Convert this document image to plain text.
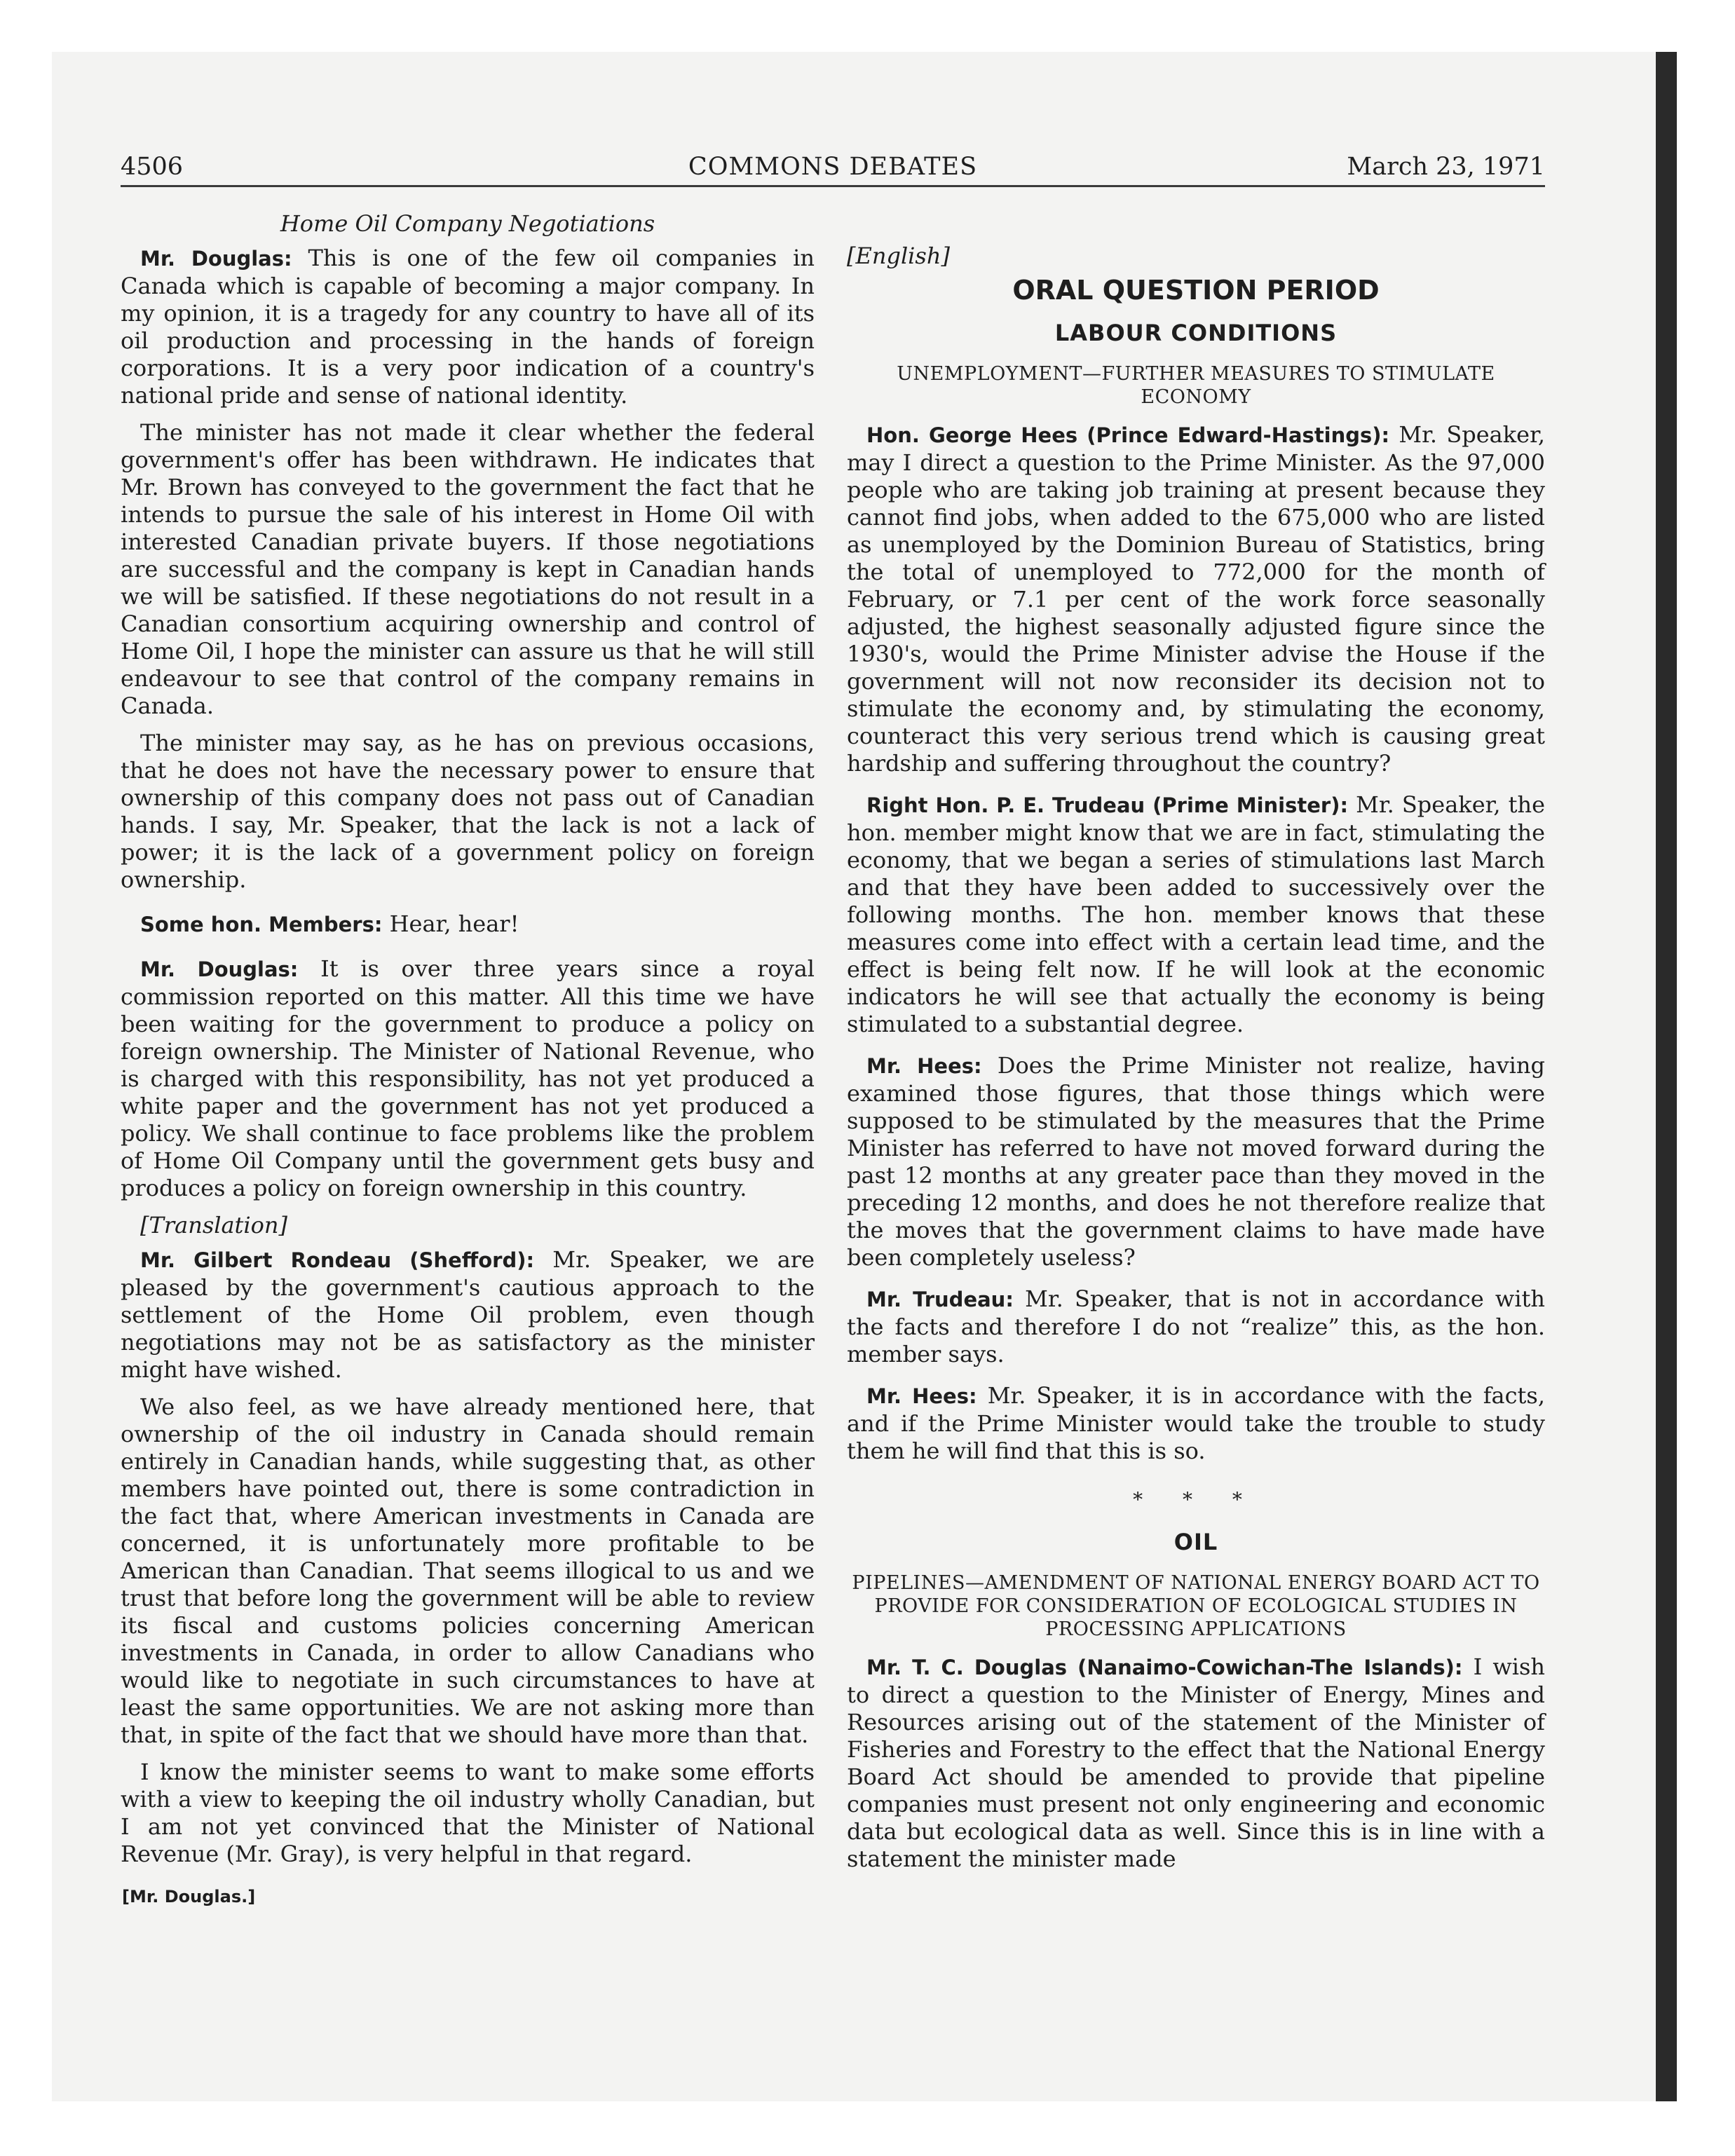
4506	COMMONS DEBATES	March 23, 1971
Home Oil Company Negotiations

Mr. Douglas: This is one of the few oil companies in Canada which is capable of becoming a major company. In my opinion, it is a tragedy for any country to have all of its oil production and processing in the hands of foreign corporations. It is a very poor indication of a country's national pride and sense of national identity.

The minister has not made it clear whether the federal government's offer has been withdrawn. He indicates that Mr. Brown has conveyed to the government the fact that he intends to pursue the sale of his interest in Home Oil with interested Canadian private buyers. If those negotiations are successful and the company is kept in Canadian hands we will be satisfied. If these negotiations do not result in a Canadian consortium acquiring ownership and control of Home Oil, I hope the minister can assure us that he will still endeavour to see that control of the company remains in Canada.

The minister may say, as he has on previous occasions, that he does not have the necessary power to ensure that ownership of this company does not pass out of Canadian hands. I say, Mr. Speaker, that the lack is not a lack of power; it is the lack of a government policy on foreign ownership.

Some hon. Members: Hear, hear!

Mr. Douglas: It is over three years since a royal commission reported on this matter. All this time we have been waiting for the government to produce a policy on foreign ownership. The Minister of National Revenue, who is charged with this responsibility, has not yet produced a white paper and the government has not yet produced a policy. We shall continue to face problems like the problem of Home Oil Company until the government gets busy and produces a policy on foreign ownership in this country.

[Translation]

Mr. Gilbert Rondeau (Shefford): Mr. Speaker, we are pleased by the government's cautious approach to the settlement of the Home Oil problem, even though negotiations may not be as satisfactory as the minister might have wished.

We also feel, as we have already mentioned here, that ownership of the oil industry in Canada should remain entirely in Canadian hands, while suggesting that, as other members have pointed out, there is some contradiction in the fact that, where American investments in Canada are concerned, it is unfortunately more profitable to be American than Canadian. That seems illogical to us and we trust that before long the government will be able to review its fiscal and customs policies concerning American investments in Canada, in order to allow Canadians who would like to negotiate in such circumstances to have at least the same opportunities. We are not asking more than that, in spite of the fact that we should have more than that.

I know the minister seems to want to make some efforts with a view to keeping the oil industry wholly Canadian, but I am not yet convinced that the Minister of National Revenue (Mr. Gray), is very helpful in that regard.

[Mr. Douglas.]
[English]
ORAL QUESTION PERIOD
LABOUR CONDITIONS
UNEMPLOYMENT—FURTHER MEASURES TO STIMULATE ECONOMY

Hon. George Hees (Prince Edward-Hastings): Mr. Speaker, may I direct a question to the Prime Minister. As the 97,000 people who are taking job training at present because they cannot find jobs, when added to the 675,000 who are listed as unemployed by the Dominion Bureau of Statistics, bring the total of unemployed to 772,000 for the month of February, or 7.1 per cent of the work force seasonally adjusted, the highest seasonally adjusted figure since the 1930's, would the Prime Minister advise the House if the government will not now reconsider its decision not to stimulate the economy and, by stimulating the economy, counteract this very serious trend which is causing great hardship and suffering throughout the country?

Right Hon. P. E. Trudeau (Prime Minister): Mr. Speaker, the hon. member might know that we are in fact, stimulating the economy, that we began a series of stimulations last March and that they have been added to successively over the following months. The hon. member knows that these measures come into effect with a certain lead time, and the effect is being felt now. If he will look at the economic indicators he will see that actually the economy is being stimulated to a substantial degree.

Mr. Hees: Does the Prime Minister not realize, having examined those figures, that those things which were supposed to be stimulated by the measures that the Prime Minister has referred to have not moved forward during the past 12 months at any greater pace than they moved in the preceding 12 months, and does he not therefore realize that the moves that the government claims to have made have been completely useless?

Mr. Trudeau: Mr. Speaker, that is not in accordance with the facts and therefore I do not “realize” this, as the hon. member says.

Mr. Hees: Mr. Speaker, it is in accordance with the facts, and if the Prime Minister would take the trouble to study them he will find that this is so.

* * *
OIL
PIPELINES—AMENDMENT OF NATIONAL ENERGY BOARD ACT TO PROVIDE FOR CONSIDERATION OF ECOLOGICAL STUDIES IN PROCESSING APPLICATIONS

Mr. T. C. Douglas (Nanaimo-Cowichan-The Islands): I wish to direct a question to the Minister of Energy, Mines and Resources arising out of the statement of the Minister of Fisheries and Forestry to the effect that the National Energy Board Act should be amended to provide that pipeline companies must present not only engineering and economic data but ecological data as well. Since this is in line with a statement the minister made
